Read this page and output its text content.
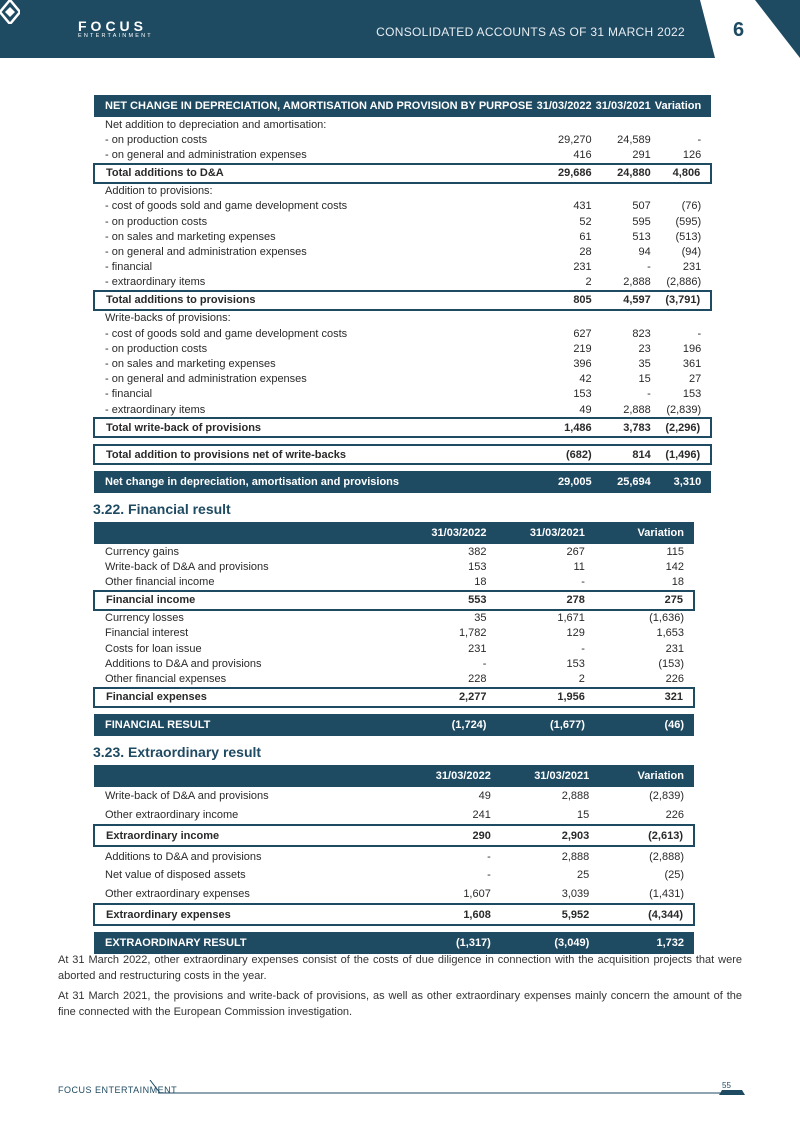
FOCUS
ENTERTAINMENT	CONSOLIDATED ACCOUNTS AS OF 31 MARCH 2022 6
NET CHANGE IN DEPRECIATION, AMORTISATION AND PROVISION BY PURPOSE	31/03/2022	31/03/2021	Variation
Net addition to depreciation and amortisation:			
- on production costs	29,270	24,589	-
- on general and administration expenses	416	291	126
Total additions to D&A	29,686	24,880	4,806
Addition to provisions:			
- cost of goods sold and game development costs	431	507	(76)
- on production costs	52	595	(595)
- on sales and marketing expenses	61	513	(513)
- on general and administration expenses	28	94	(94)
- financial	231	-	231
- extraordinary items	2	2,888	(2,886)
Total additions to provisions	805	4,597	(3,791)
Write-backs of provisions:			
- cost of goods sold and game development costs	627	823	-
- on production costs	219	23	196
- on sales and marketing expenses	396	35	361
- on general and administration expenses	42	15	27
- financial	153	-	153
- extraordinary items	49	2,888	(2,839)
Total write-back of provisions	1,486	3,783	(2,296)

Total addition to provisions net of write-backs	(682)	814	(1,496)

Net change in depreciation, amortisation and provisions	29,005	25,694	3,310
3.22. Financial result
	31/03/2022	31/03/2021	Variation
Currency gains	382	267	115
Write-back of D&A and provisions	153	11	142
Other financial income	18	-	18
Financial income	553	278	275
Currency losses	35	1,671	(1,636)
Financial interest	1,782	129	1,653
Costs for loan issue	231	-	231
Additions to D&A and provisions	-	153	(153)
Other financial expenses	228	2	226
Financial expenses	2,277	1,956	321

FINANCIAL RESULT	(1,724)	(1,677)	(46)
3.23. Extraordinary result
	31/03/2022	31/03/2021	Variation
Write-back of D&A and provisions	49	2,888	(2,839)
Other extraordinary income	241	15	226
Extraordinary income	290	2,903	(2,613)
Additions to D&A and provisions	-	2,888	(2,888)
Net value of disposed assets	-	25	(25)
Other extraordinary expenses	1,607	3,039	(1,431)
Extraordinary expenses	1,608	5,952	(4,344)

EXTRAORDINARY RESULT	(1,317)	(3,049)	1,732
At 31 March 2022, other extraordinary expenses consist of the costs of due diligence in connection with the acquisition projects that were aborted and restructuring costs in the year.
At 31 March 2021, the provisions and write-back of provisions, as well as other extraordinary expenses mainly concern the amount of the fine connected with the European Commission investigation.
FOCUS ENTERTAINMENT	55
